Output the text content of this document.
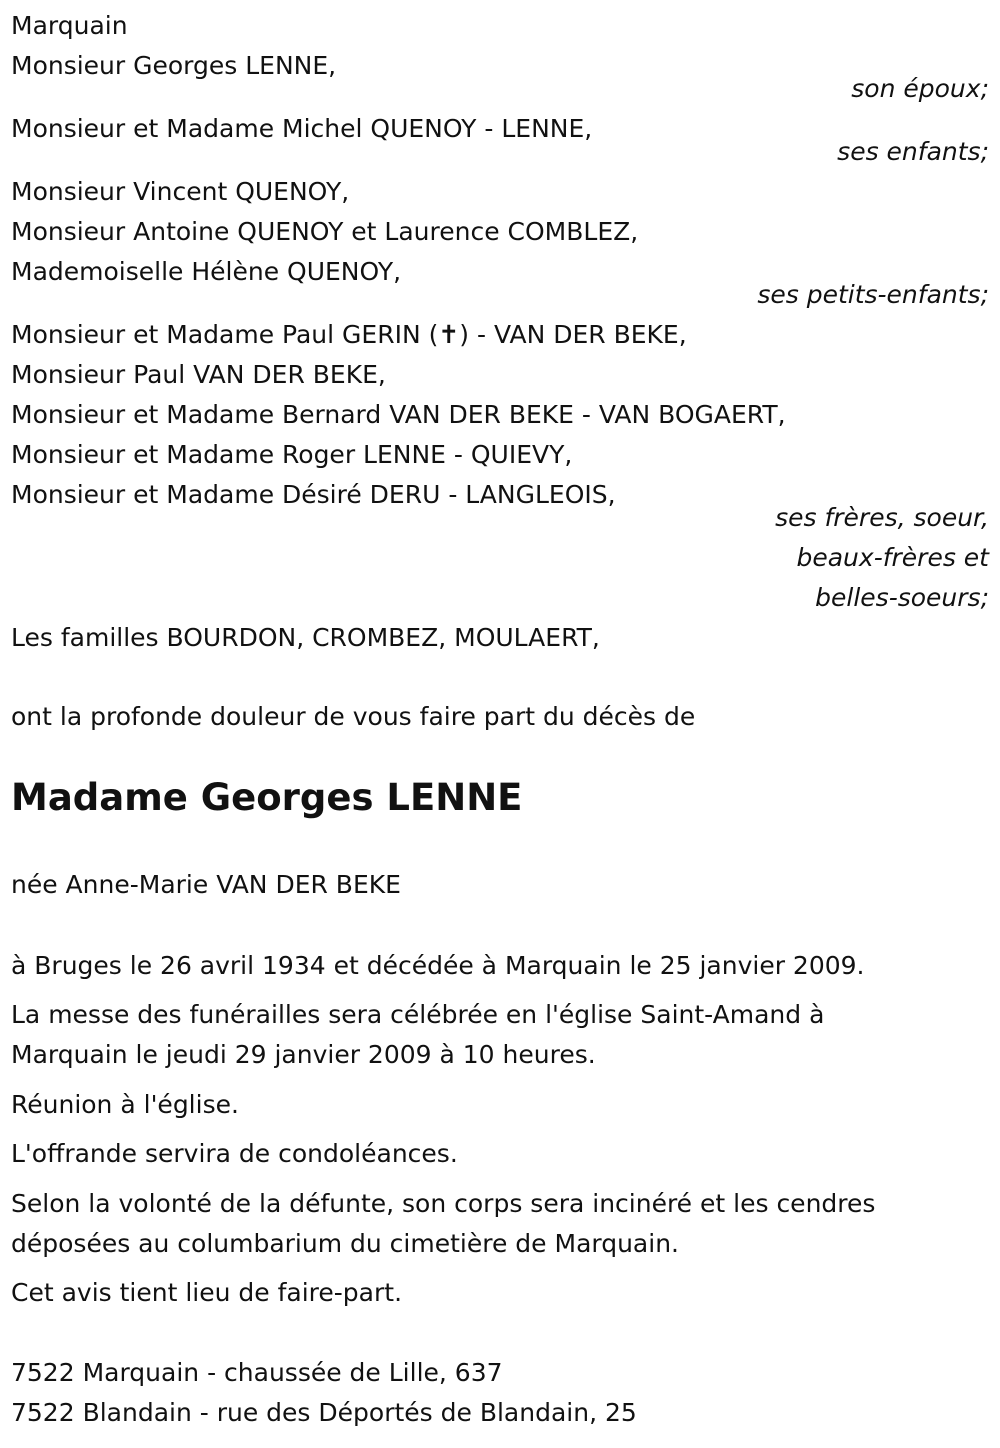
Marquain
Monsieur Georges LENNE,
son époux;
Monsieur et Madame Michel QUENOY - LENNE,
ses enfants;
Monsieur Vincent QUENOY,
Monsieur Antoine QUENOY et Laurence COMBLEZ,
Mademoiselle Hélène QUENOY,
ses petits-enfants;
Monsieur et Madame Paul GERIN (✝) - VAN DER BEKE,
Monsieur Paul VAN DER BEKE,
Monsieur et Madame Bernard VAN DER BEKE - VAN BOGAERT,
Monsieur et Madame Roger LENNE - QUIEVY,
Monsieur et Madame Désiré DERU - LANGLEOIS,
ses frères, soeur,
beaux-frères et
belles-soeurs;
Les familles BOURDON, CROMBEZ, MOULAERT,
ont la profonde douleur de vous faire part du décès de
Madame Georges LENNE
née Anne-Marie VAN DER BEKE
à Bruges le 26 avril 1934 et décédée à Marquain le 25 janvier 2009.
La messe des funérailles sera célébrée en l'église Saint-Amand à
Marquain le jeudi 29 janvier 2009 à 10 heures.
Réunion à l'église.
L'offrande servira de condoléances.
Selon la volonté de la défunte, son corps sera incinéré et les cendres
déposées au columbarium du cimetière de Marquain.
Cet avis tient lieu de faire-part.
7522 Marquain - chaussée de Lille, 637
7522 Blandain - rue des Déportés de Blandain, 25
